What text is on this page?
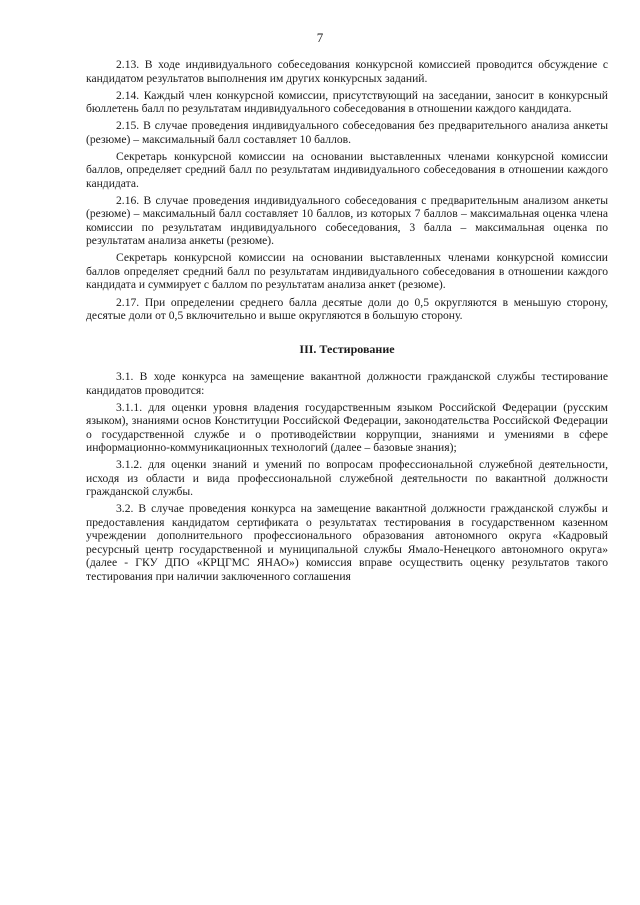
7

2.13. В ходе индивидуального собеседования конкурсной комиссией проводится обсуждение с кандидатом результатов выполнения им других конкурсных заданий.

2.14. Каждый член конкурсной комиссии, присутствующий на заседании, заносит в конкурсный бюллетень балл по результатам индивидуального собеседования в отношении каждого кандидата.

2.15. В случае проведения индивидуального собеседования без предварительного анализа анкеты (резюме) – максимальный балл составляет 10 баллов.

Секретарь конкурсной комиссии на основании выставленных членами конкурсной комиссии баллов, определяет средний балл по результатам индивидуального собеседования в отношении каждого кандидата.

2.16. В случае проведения индивидуального собеседования с предварительным анализом анкеты (резюме) – максимальный балл составляет 10 баллов, из которых 7 баллов – максимальная оценка члена комиссии по результатам индивидуального собеседования, 3 балла – максимальная оценка по результатам анализа анкеты (резюме).

Секретарь конкурсной комиссии на основании выставленных членами конкурсной комиссии баллов определяет средний балл по результатам индивидуального собеседования в отношении каждого кандидата и суммирует с баллом по результатам анализа анкет (резюме).

2.17. При определении среднего балла десятые доли до 0,5 округляются в меньшую сторону, десятые доли от 0,5 включительно и выше округляются в большую сторону.

III. Тестирование

3.1. В ходе конкурса на замещение вакантной должности гражданской службы тестирование кандидатов проводится:

3.1.1. для оценки уровня владения государственным языком Российской Федерации (русским языком), знаниями основ Конституции Российской Федерации, законодательства Российской Федерации о государственной службе и о противодействии коррупции, знаниями и умениями в сфере информационно-коммуникационных технологий (далее – базовые знания);

3.1.2. для оценки знаний и умений по вопросам профессиональной служебной деятельности, исходя из области и вида профессиональной служебной деятельности по вакантной должности гражданской службы.

3.2. В случае проведения конкурса на замещение вакантной должности гражданской службы и предоставления кандидатом сертификата о результатах тестирования в государственном казенном учреждении дополнительного профессионального образования автономного округа «Кадровый ресурсный центр государственной и муниципальной службы Ямало-Ненецкого автономного округа» (далее - ГКУ ДПО «КРЦГМС ЯНАО») комиссия вправе осуществить оценку результатов такого тестирования при наличии заключенного соглашения
